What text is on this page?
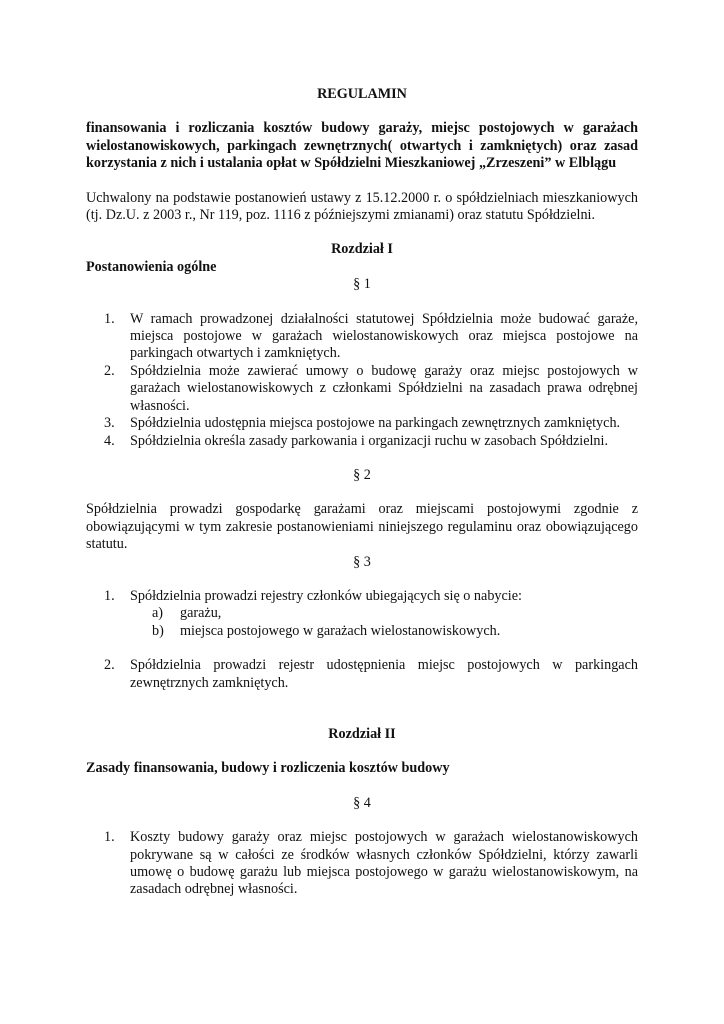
REGULAMIN

finansowania i rozliczania kosztów budowy garaży, miejsc postojowych w garażach wielostanowiskowych, parkingach zewnętrznych( otwartych i zamkniętych) oraz zasad korzystania z nich i ustalania opłat w Spółdzielni Mieszkaniowej „Zrzeszeni” w Elblągu

Uchwalony na podstawie postanowień ustawy z 15.12.2000 r. o spółdzielniach mieszkaniowych (tj. Dz.U. z 2003 r., Nr 119, poz. 1116 z późniejszymi zmianami) oraz statutu Spółdzielni.

Rozdział I

Postanowienia ogólne

§ 1

1. W ramach prowadzonej działalności statutowej Spółdzielnia może budować garaże, miejsca postojowe w garażach wielostanowiskowych oraz miejsca postojowe na parkingach otwartych i zamkniętych.
2. Spółdzielnia może zawierać umowy o budowę garaży oraz miejsc postojowych w garażach wielostanowiskowych z członkami Spółdzielni na zasadach prawa odrębnej własności.
3. Spółdzielnia udostępnia miejsca postojowe na parkingach zewnętrznych zamkniętych.
4. Spółdzielnia określa zasady parkowania i organizacji ruchu w zasobach Spółdzielni.

§ 2

Spółdzielnia prowadzi gospodarkę garażami oraz miejscami postojowymi zgodnie z obowiązującymi w tym zakresie postanowieniami niniejszego regulaminu oraz obowiązującego statutu.

§ 3

1. Spółdzielnia prowadzi rejestry członków ubiegających się o nabycie:
a) garażu,
b) miejsca postojowego w garażach wielostanowiskowych.
2. Spółdzielnia prowadzi rejestr udostępnienia miejsc postojowych w parkingach zewnętrznych zamkniętych.

Rozdział II

Zasady finansowania, budowy i rozliczenia kosztów budowy

§ 4

1. Koszty budowy garaży oraz miejsc postojowych w garażach wielostanowiskowych pokrywane są w całości ze środków własnych członków Spółdzielni, którzy zawarli umowę o budowę garażu lub miejsca postojowego w garażu wielostanowiskowym, na zasadach odrębnej własności.
